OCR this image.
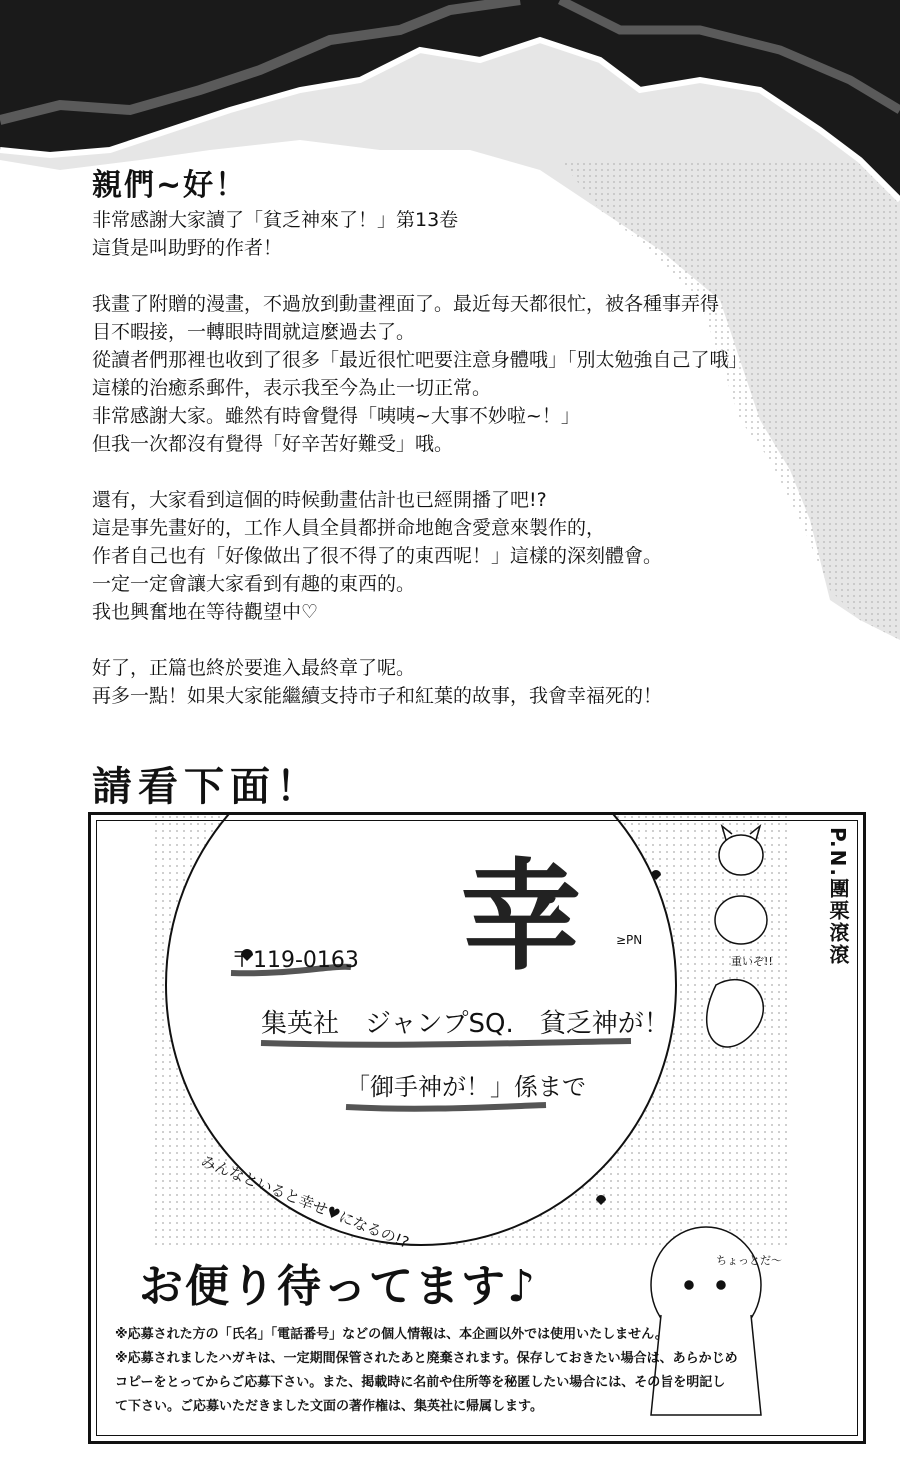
親們~好！

非常感謝大家讀了「貧乏神來了！」第13卷
這貨是叫助野的作者！

我畫了附贈的漫畫，不過放到動畫裡面了。最近每天都很忙，被各種事弄得
目不暇接，一轉眼時間就這麼過去了。
從讀者們那裡也收到了很多「最近很忙吧要注意身體哦」「別太勉強自己了哦」
這樣的治癒系郵件，表示我至今為止一切正常。
非常感謝大家。雖然有時會覺得「咦咦~大事不妙啦~！」
但我一次都沒有覺得「好辛苦好難受」哦。

還有，大家看到這個的時候動畫估計也已經開播了吧!?
這是事先畫好的，工作人員全員都拼命地飽含愛意來製作的，
作者自己也有「好像做出了很不得了的東西呢！」這樣的深刻體會。
一定一定會讓大家看到有趣的東西的。
我也興奮地在等待觀望中♡

好了，正篇也終於要進入最終章了呢。
再多一點！如果大家能繼續支持市子和紅葉的故事，我會幸福死的！

請看下面！
P.N.團栗滾滾
幸	≥PN
〒119-0163
集英社　ジャンプSQ.　貧乏神が！
「御手神が！」係まで
みんなといると幸せ♥になるの!?
重いぞ!!
ちょっとだ〜
お便り待ってます♪
※応募された方の「氏名」「電話番号」などの個人情報は、本企画以外では使用いたしません。
※応募されましたハガキは、一定期間保管されたあと廃棄されます。保存しておきたい場合は、あらかじめ
コピーをとってからご応募下さい。また、掲載時に名前や住所等を秘匿したい場合には、その旨を明記し
て下さい。ご応募いただきました文面の著作権は、集英社に帰属します。
